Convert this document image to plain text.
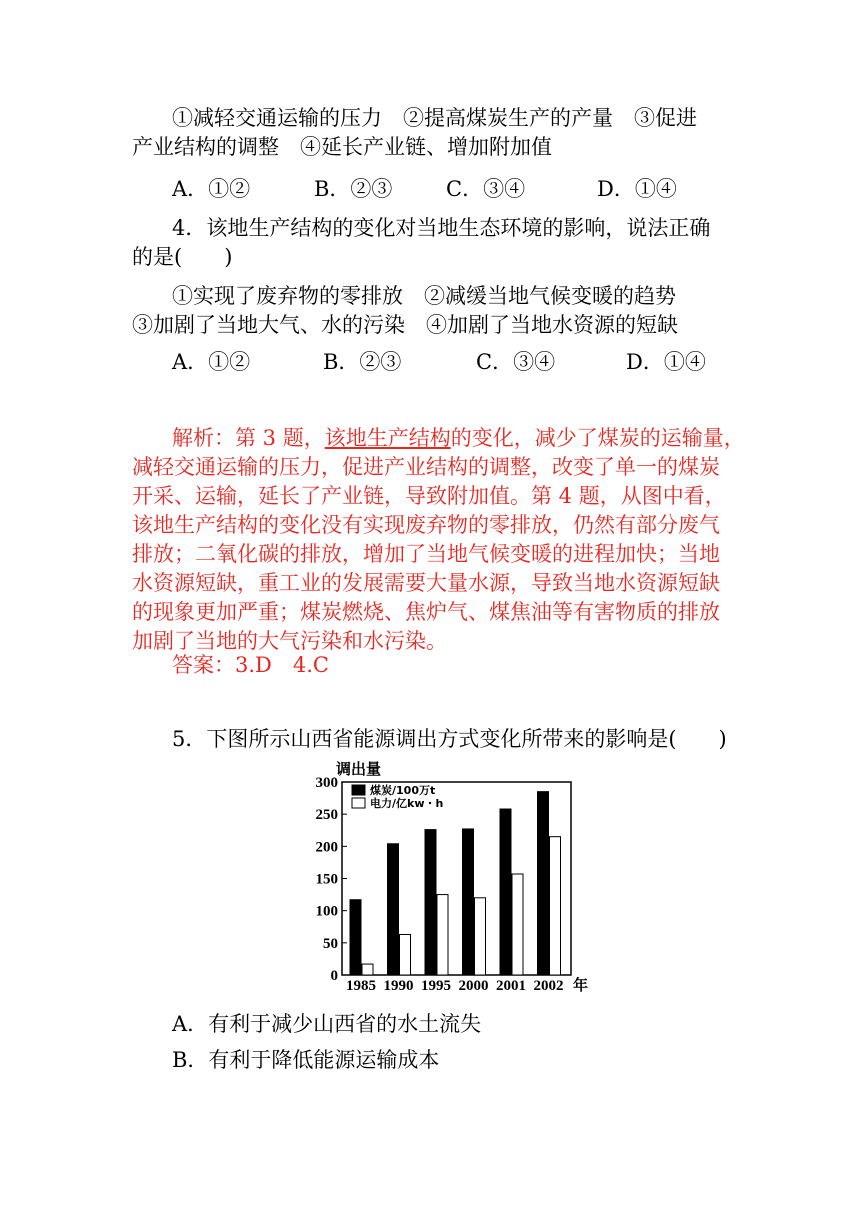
①减轻交通运输的压力　②提高煤炭生产的产量　③促进
产业结构的调整　④延长产业链、增加附加值
A．①②	B．②③	C．③④	D．①④
4．该地生产结构的变化对当地生态环境的影响，说法正确
的是(　　)
①实现了废弃物的零排放　②减缓当地气候变暖的趋势
③加剧了当地大气、水的污染　④加剧了当地水资源的短缺
A．①②	B．②③	C．③④	D．①④
解析：第 3 题，该地生产结构的变化，减少了煤炭的运输量，
减轻交通运输的压力，促进产业结构的调整，改变了单一的煤炭
开采、运输，延长了产业链，导致附加值。第 4 题，从图中看，
该地生产结构的变化没有实现废弃物的零排放，仍然有部分废气
排放；二氧化碳的排放，增加了当地气候变暖的进程加快；当地
水资源短缺，重工业的发展需要大量水源，导致当地水资源短缺
的现象更加严重；煤炭燃烧、焦炉气、煤焦油等有害物质的排放
加剧了当地的大气污染和水污染。
答案：3.D　4.C
5．下图所示山西省能源调出方式变化所带来的影响是(　　)
调出量
0
50
100
150
200
250
300
1985 1990 1995 2000 2001 2002
煤炭/100万t
电力/亿kw・h
年
A．有利于减少山西省的水土流失
B．有利于降低能源运输成本
